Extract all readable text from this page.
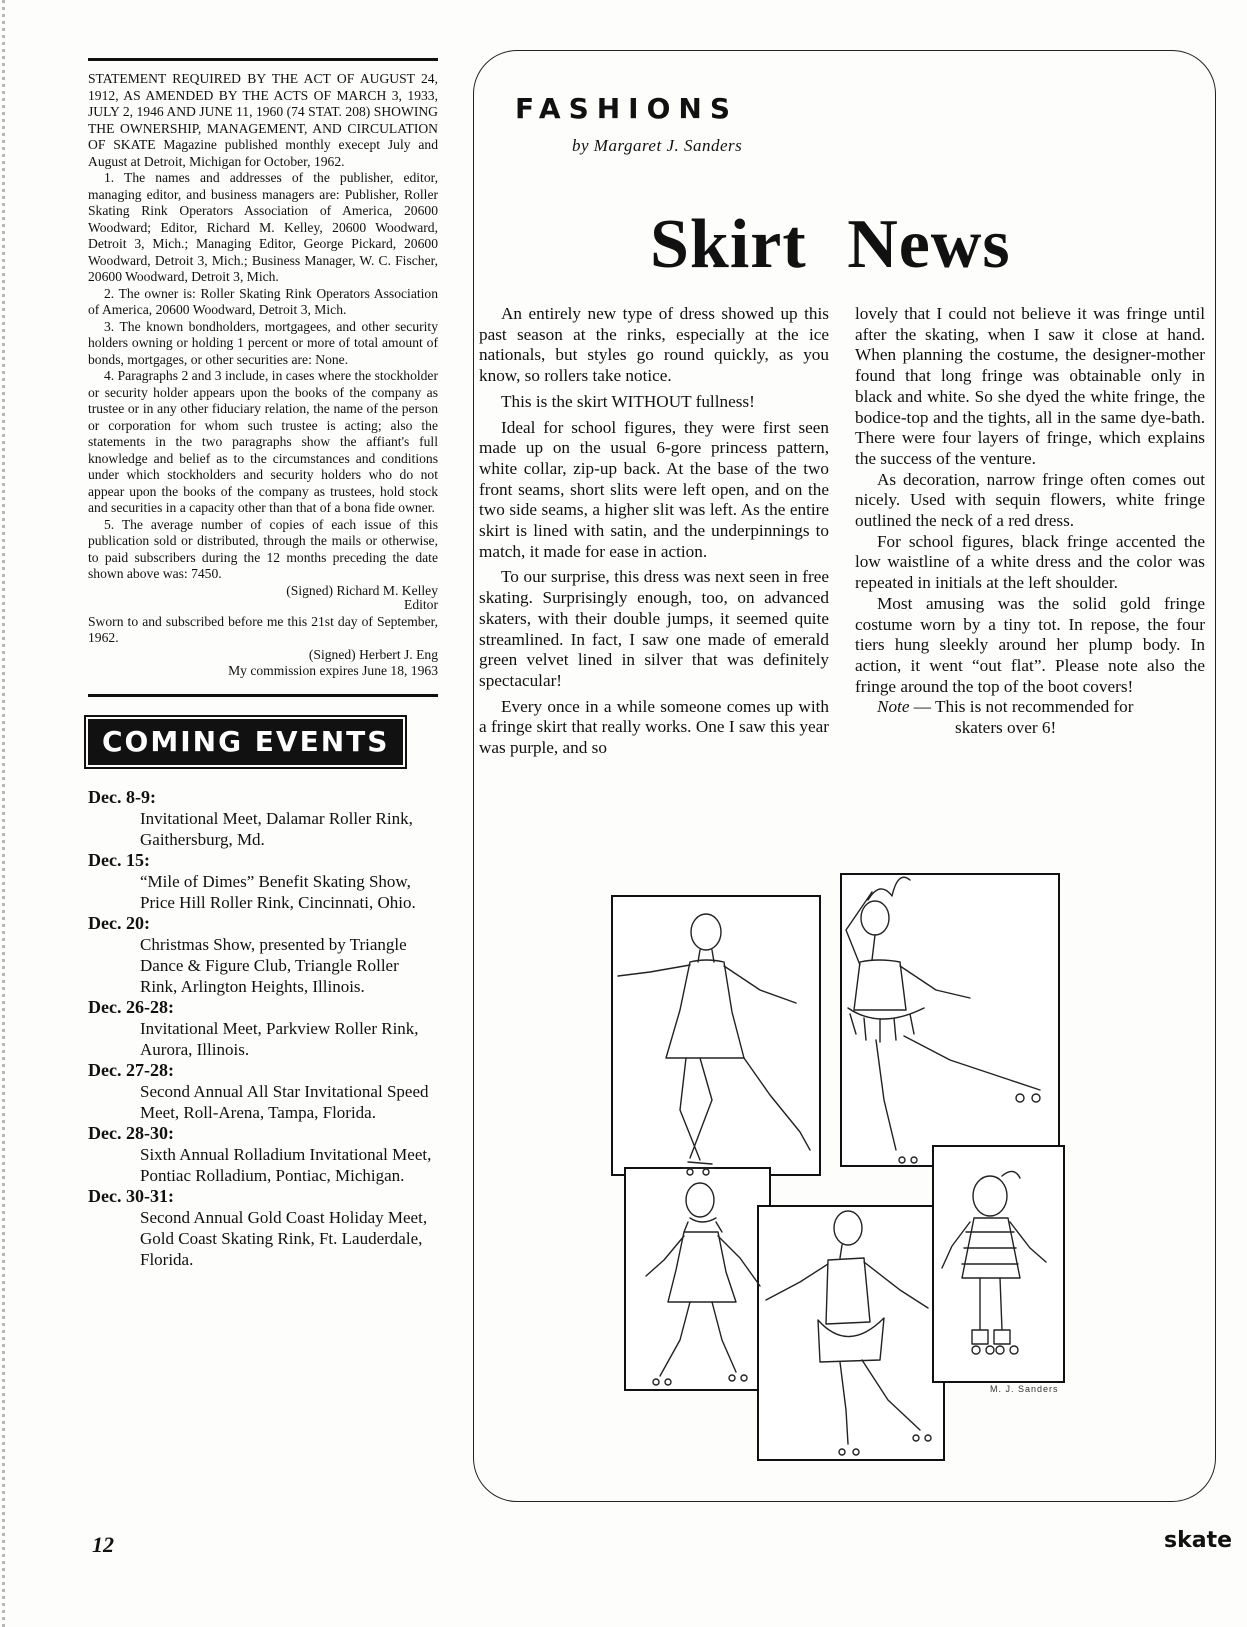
STATEMENT REQUIRED BY THE ACT OF AUGUST 24, 1912, AS AMENDED BY THE ACTS OF MARCH 3, 1933, JULY 2, 1946 AND JUNE 11, 1960 (74 STAT. 208) SHOWING THE OWNERSHIP, MANAGEMENT, AND CIRCULATION OF SKATE Magazine published monthly execept July and August at Detroit, Michigan for October, 1962.

1. The names and addresses of the publisher, editor, managing editor, and business managers are: Publisher, Roller Skating Rink Operators Association of America, 20600 Woodward; Editor, Richard M. Kelley, 20600 Woodward, Detroit 3, Mich.; Managing Editor, George Pickard, 20600 Woodward, Detroit 3, Mich.; Business Manager, W. C. Fischer, 20600 Woodward, Detroit 3, Mich.

2. The owner is: Roller Skating Rink Operators Association of America, 20600 Woodward, Detroit 3, Mich.

3. The known bondholders, mortgagees, and other security holders owning or holding 1 percent or more of total amount of bonds, mortgages, or other securities are: None.

4. Paragraphs 2 and 3 include, in cases where the stockholder or security holder appears upon the books of the company as trustee or in any other fiduciary relation, the name of the person or corporation for whom such trustee is acting; also the statements in the two paragraphs show the affiant's full knowledge and belief as to the circumstances and conditions under which stockholders and security holders who do not appear upon the books of the company as trustees, hold stock and securities in a capacity other than that of a bona fide owner.

5. The average number of copies of each issue of this publication sold or distributed, through the mails or otherwise, to paid subscribers during the 12 months preceding the date shown above was: 7450.

(Signed) Richard M. Kelley
Editor

Sworn to and subscribed before me this 21st day of September, 1962.

(Signed) Herbert J. Eng
My commission expires June 18, 1963
COMING EVENTS
Dec. 8-9:
Invitational Meet, Dalamar Roller Rink, Gaithersburg, Md.
Dec. 15:
“Mile of Dimes” Benefit Skating Show, Price Hill Roller Rink, Cincinnati, Ohio.
Dec. 20:
Christmas Show, presented by Triangle Dance & Figure Club, Triangle Roller Rink, Arlington Heights, Illinois.
Dec. 26-28:
Invitational Meet, Parkview Roller Rink, Aurora, Illinois.
Dec. 27-28:
Second Annual All Star Invitational Speed Meet, Roll-Arena, Tampa, Florida.
Dec. 28-30:
Sixth Annual Rolladium Invitational Meet, Pontiac Rolladium, Pontiac, Michigan.
Dec. 30-31:
Second Annual Gold Coast Holiday Meet, Gold Coast Skating Rink, Ft. Lauderdale, Florida.
12
FASHIONS
by Margaret J. Sanders
Skirt News

An entirely new type of dress showed up this past season at the rinks, especially at the ice nationals, but styles go round quickly, as you know, so rollers take notice.

This is the skirt WITHOUT fullness!

Ideal for school figures, they were first seen made up on the usual 6-gore princess pattern, white collar, zip-up back. At the base of the two front seams, short slits were left open, and on the two side seams, a higher slit was left. As the entire skirt is lined with satin, and the underpinnings to match, it made for ease in action.

To our surprise, this dress was next seen in free skating. Surprisingly enough, too, on advanced skaters, with their double jumps, it seemed quite streamlined. In fact, I saw one made of emerald green velvet lined in silver that was definitely spectacular!

Every once in a while someone comes up with a fringe skirt that really works. One I saw this year was purple, and so

lovely that I could not believe it was fringe until after the skating, when I saw it close at hand. When planning the costume, the designer-mother found that long fringe was obtainable only in black and white. So she dyed the white fringe, the bodice-top and the tights, all in the same dye-bath. There were four layers of fringe, which explains the success of the venture.

As decoration, narrow fringe often comes out nicely. Used with sequin flowers, white fringe outlined the neck of a red dress.

For school figures, black fringe accented the low waistline of a white dress and the color was repeated in initials at the left shoulder.

Most amusing was the solid gold fringe costume worn by a tiny tot. In repose, the four tiers hung sleekly around her plump body. In action, it went “out flat”. Please note also the fringe around the top of the boot covers!

Note — This is not recommended for
skaters over 6!
M. J. Sanders
skate
